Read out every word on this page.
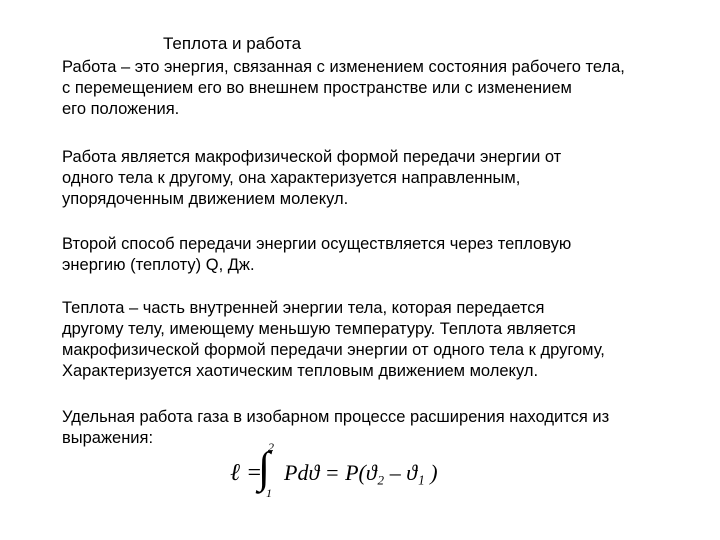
Теплота и работа
Работа – это энергия, связанная с изменением состояния рабочего тела,
с перемещением его во внешнем пространстве или с изменением
его положения.
Работа является макрофизической формой передачи энергии от
одного тела к другому, она характеризуется направленным,
упорядоченным движением молекул.
Второй способ передачи энергии осуществляется через тепловую
энергию (теплоту) Q, Дж.
Теплота – часть внутренней энергии тела, которая передается
другому телу, имеющему меньшую температуру. Теплота является
макрофизической формой передачи энергии от одного тела к другому,
Характеризуется хаотическим тепловым движением молекул.
Удельная работа газа в изобарном процессе расширения находится из
выражения:
ℓ =
∫
2
1
Pdϑ = P(ϑ₂ – ϑ₁ )
